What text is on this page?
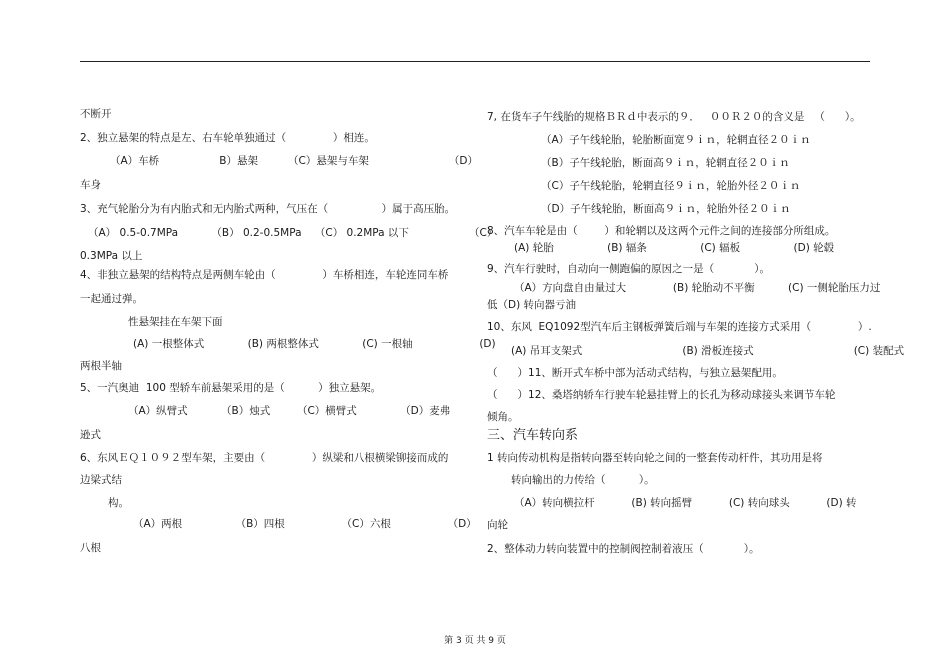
不断开
2、独立悬架的特点是左、右车轮单独通过（              ）相连。
（A）车桥                  B）悬架         （C）悬架与车架                        （D）
车身
3、充气轮胎分为有内胎式和无内胎式两种，气压在（                ）属于高压胎。
（A） 0.5-0.7MPa          （B） 0.2-0.5MPa    （C） 0.2MPa 以下                  （C）
0.3MPa 以上
4、非独立悬架的结构特点是两侧车轮由（              ）车桥相连，车轮连同车桥
一起通过弹。
性悬架挂在车架下面
(A) 一根整体式             (B) 两根整体式             (C) 一根轴                    (D)
两根半轴
5、一汽奥迪  100 型轿车前悬架采用的是（          ）独立悬架。
（A）纵臂式          （B）烛式        （C）横臂式             （D）麦弗
逊式
6、东风ＥＱ１０９２型车架，主要由（              ）纵梁和八根横梁铆接而成的
边梁式结
构。
（A）两根                （B）四根                 （C）六根                 （D）
八根
7, 在货车子午线胎的规格ＢＲｄ中表示的９．   ００Ｒ２０的含义是   （      ）。
（A）子午线轮胎，轮胎断面宽９ｉｎ，轮辋直径２０ｉｎ
（B）子午线轮胎，断面高９ｉｎ，轮辋直径２０ｉｎ
（C）子午线轮胎，轮辋直径９ｉｎ，轮胎外径２０ｉｎ
（D）子午线轮胎，断面高９ｉｎ，轮胎外径２０ｉｎ
8、汽车车轮是由（        ）和轮辋以及这两个元件之间的连接部分所组成。
(A) 轮胎                (B) 辐条                (C) 辐板                (D) 轮毂
9、汽车行驶时，自动向一侧跑偏的原因之一是（            ）。
（A）方向盘自由量过大              (B) 轮胎动不平衡          (C) 一侧轮胎压力过
低（D) 转向器亏油
10、东风  EQ1092型汽车后主钢板弹簧后端与车架的连接方式采用（              ）.
(A) 吊耳支架式                              (B) 滑板连接式                              (C) 装配式
（      ）11、断开式车桥中部为活动式结构，与独立悬架配用。
（      ）12、桑塔纳轿车行驶车轮悬挂臂上的长孔为移动球接头来调节车轮
倾角。
三、汽车转向系
1 转向传动机构是指转向器至转向轮之间的一整套传动杆件，其功用是将
转向输出的力传给（          ）。
（A）转向横拉杆           (B) 转向摇臂           (C) 转向球头           (D) 转
向轮
2、整体动力转向装置中的控制阀控制着液压（            ）。
第 3 页 共 9 页
